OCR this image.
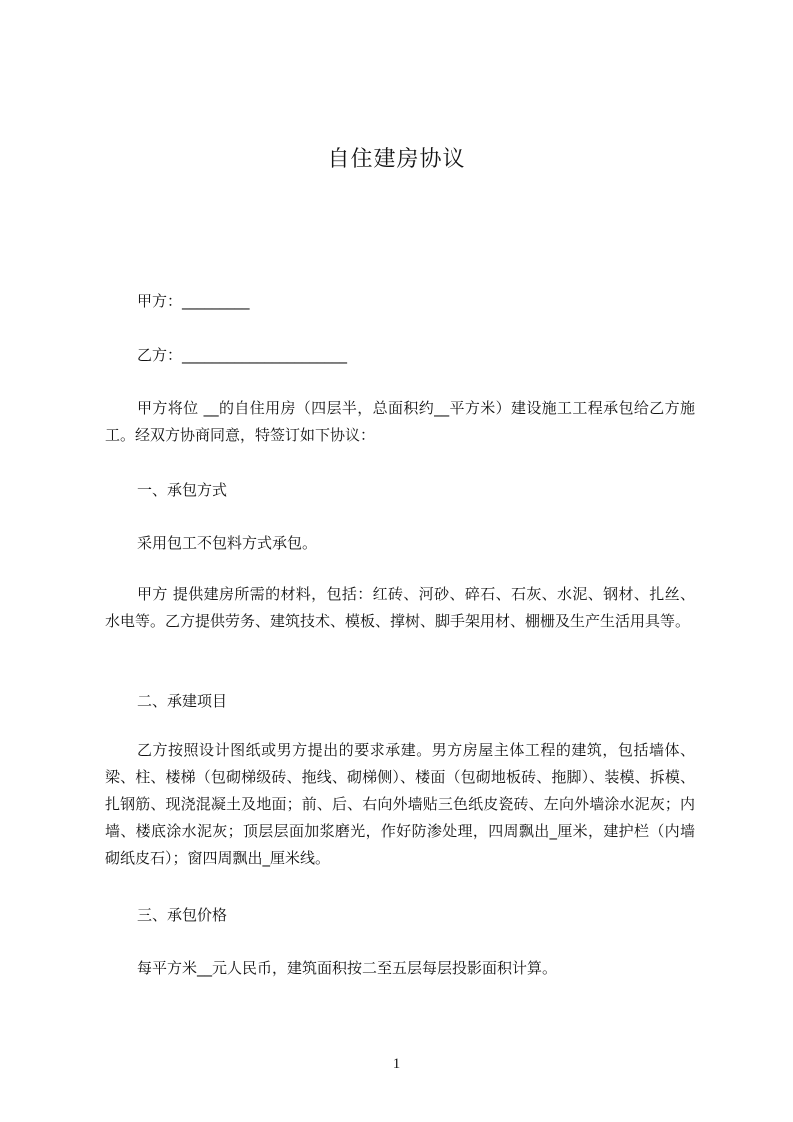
自住建房协议

甲方：_________

乙方：______________________

甲方将位 __的自住用房（四层半，总面积约__平方米）建设施工工程承包给乙方施工。经双方协商同意，特签订如下协议：

一、承包方式

采用包工不包料方式承包。

甲方 提供建房所需的材料，包括：红砖、河砂、碎石、石灰、水泥、钢材、扎丝、水电等。乙方提供劳务、建筑技术、模板、撑树、脚手架用材、棚栅及生产生活用具等。

二、承建项目

乙方按照设计图纸或男方提出的要求承建。男方房屋主体工程的建筑，包括墙体、梁、柱、楼梯（包砌梯级砖、拖线、砌梯侧）、楼面（包砌地板砖、拖脚）、装模、拆模、扎钢筋、现浇混凝土及地面；前、后、右向外墙贴三色纸皮瓷砖、左向外墙涂水泥灰；内墙、楼底涂水泥灰；顶层层面加浆磨光，作好防渗处理，四周飘出_厘米，建护栏（内墙砌纸皮石）；窗四周飘出_厘米线。

三、承包价格

每平方米__元人民币，建筑面积按二至五层每层投影面积计算。

1
